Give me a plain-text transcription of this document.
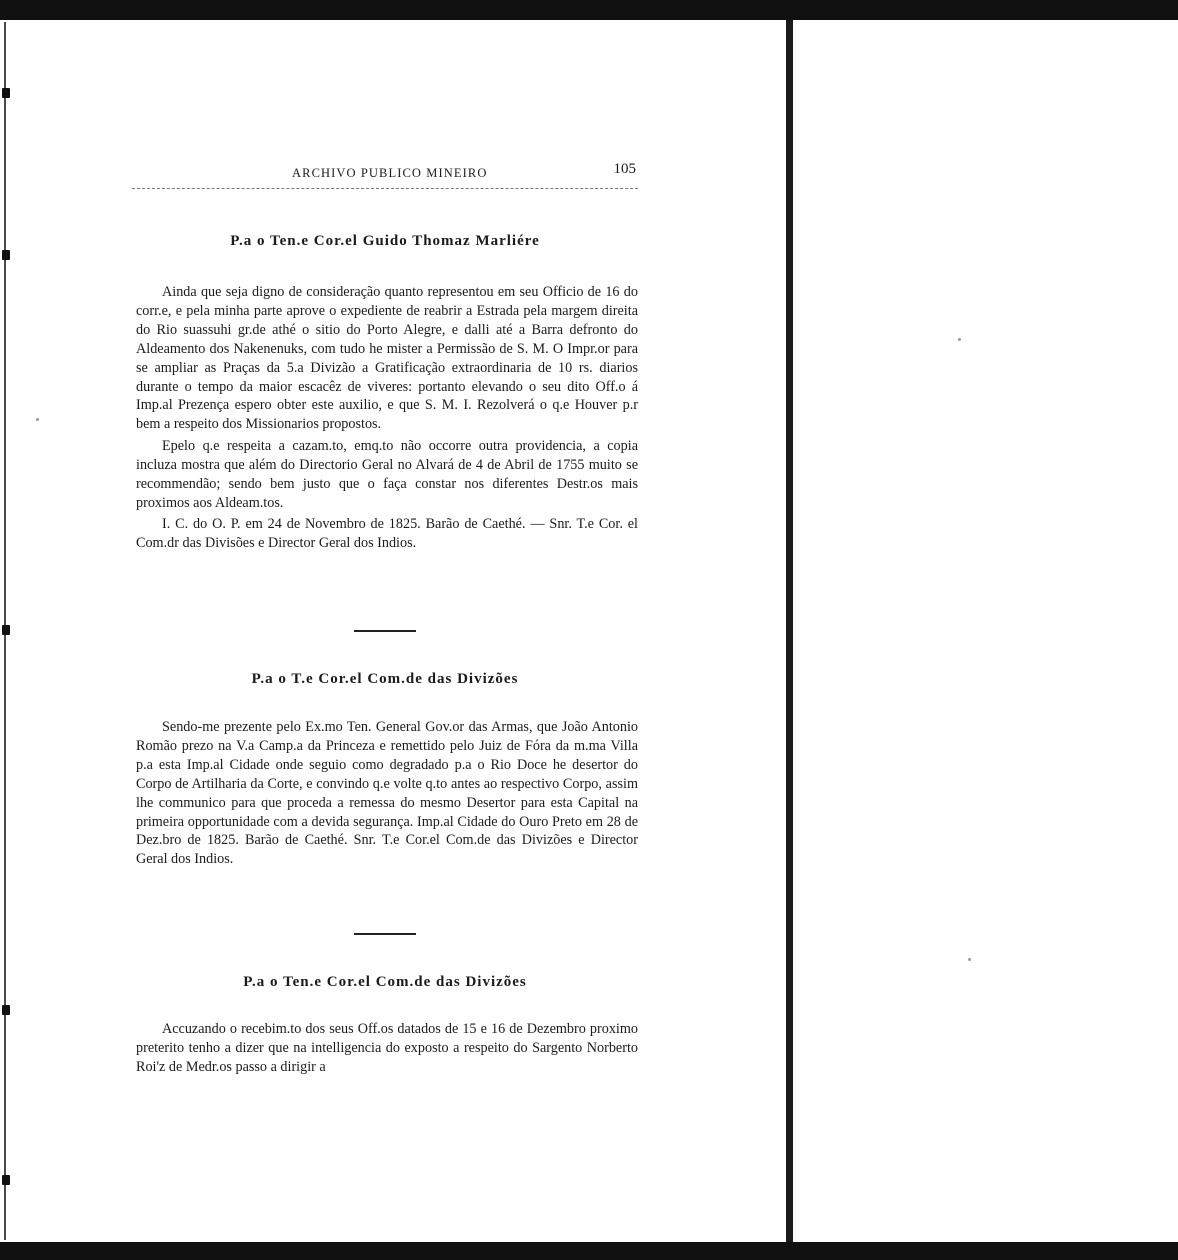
ARCHIVO PUBLICO MINEIRO	105
P.a o Ten.e Cor.el Guido Thomaz Marliére

Ainda que seja digno de consideração quanto representou em seu Officio de 16 do corr.e, e pela minha parte aprove o expediente de reabrir a Estrada pela margem direita do Rio suassuhi gr.de athé o sitio do Porto Alegre, e dalli até a Barra defronto do Aldeamento dos Nakenenuks, com tudo he mister a Permissão de S. M. O Impr.or para se ampliar as Praças da 5.a Divizão a Gratificação extraordinaria de 10 rs. diarios durante o tempo da maior escacêz de viveres: portanto elevando o seu dito Off.o á Imp.al Prezença espero obter este auxilio, e que S. M. I. Rezolverá o q.e Houver p.r bem a respeito dos Missionarios propostos.

Epelo q.e respeita a cazam.to, emq.to não occorre outra providencia, a copia incluza mostra que além do Directorio Geral no Alvará de 4 de Abril de 1755 muito se recommendão; sendo bem justo que o faça constar nos diferentes Destr.os mais proximos aos Aldeam.tos.

I. C. do O. P. em 24 de Novembro de 1825. Barão de Caethé. — Snr. T.e Cor. el Com.dr das Divisões e Director Geral dos Indios.

P.a o T.e Cor.el Com.de das Divizões

Sendo-me prezente pelo Ex.mo Ten. General Gov.or das Armas, que João Antonio Romão prezo na V.a Camp.a da Princeza e remettido pelo Juiz de Fóra da m.ma Villa p.a esta Imp.al Cidade onde seguio como degradado p.a o Rio Doce he desertor do Corpo de Artilharia da Corte, e convindo q.e volte q.to antes ao respectivo Corpo, assim lhe communico para que proceda a remessa do mesmo Desertor para esta Capital na primeira opportunidade com a devida segurança. Imp.al Cidade do Ouro Preto em 28 de Dez.bro de 1825. Barão de Caethé. Snr. T.e Cor.el Com.de das Divizões e Director Geral dos Indios.

P.a o Ten.e Cor.el Com.de das Divizões

Accuzando o recebim.to dos seus Off.os datados de 15 e 16 de Dezembro proximo preterito tenho a dizer que na intelligencia do exposto a respeito do Sargento Norberto Roi'z de Medr.os passo a dirigir a
